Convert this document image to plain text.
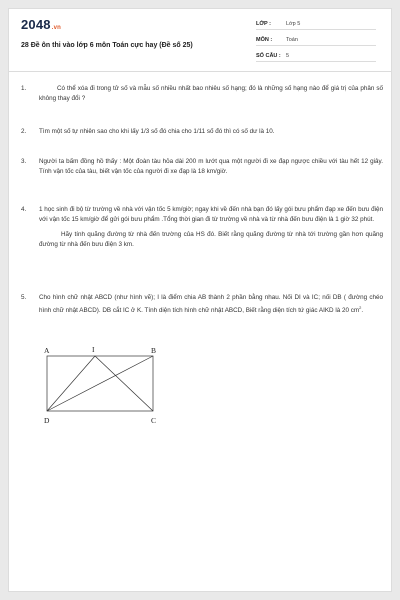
2048.vn
28 Đề ôn thi vào lớp 6 môn Toán cực hay (Đề số 25)
LỚP :	Lớp 5
MÔN :	Toán
SỐ CÂU : 5
1.	Có thể xóa đi trong tử số và mẫu số nhiều nhất bao nhiêu số hạng; đó là những số hạng nào để giá trị của phân số không thay đổi ?
2. Tìm một số tự nhiên sao cho khi lấy 1/3 số đó chia cho 1/11 số đó thì có số dư là 10.
3. Người ta bấm đồng hồ thấy : Một đoàn tàu hỏa dài 200 m lướt qua một người đi xe đạp ngược chiều với tàu hết 12 giây. Tính vận tốc của tàu, biết vận tốc của người đi xe đạp là 18 km/giờ.
4. 1 học sinh đi bộ từ trường về nhà với vận tốc 5 km/giờ; ngay khi về đến nhà bạn đó lấy gói bưu phẩm đạp xe đến bưu điện với vận tốc 15 km/giờ để gửi gói bưu phẩm .Tổng thời gian đi từ trường về nhà và từ nhà đến bưu điện là 1 giờ 32 phút.
Hãy tính quãng đường từ nhà đến trường của HS đó. Biết rằng quãng đường từ nhà tới trường gần hơn quãng đường từ nhà đến bưu điện 3 km.
5. Cho hình chữ nhật ABCD (như hình vẽ); I là điểm chia AB thành 2 phần bằng nhau. Nối DI và IC; nối DB ( đường chéo hình chữ nhật ABCD). DB cắt IC ở K. Tính diện tích hình chữ nhật ABCD, Biết rằng diện tích tứ giác AIKD là 20 $cm^2$.
A	I	B
D	C
